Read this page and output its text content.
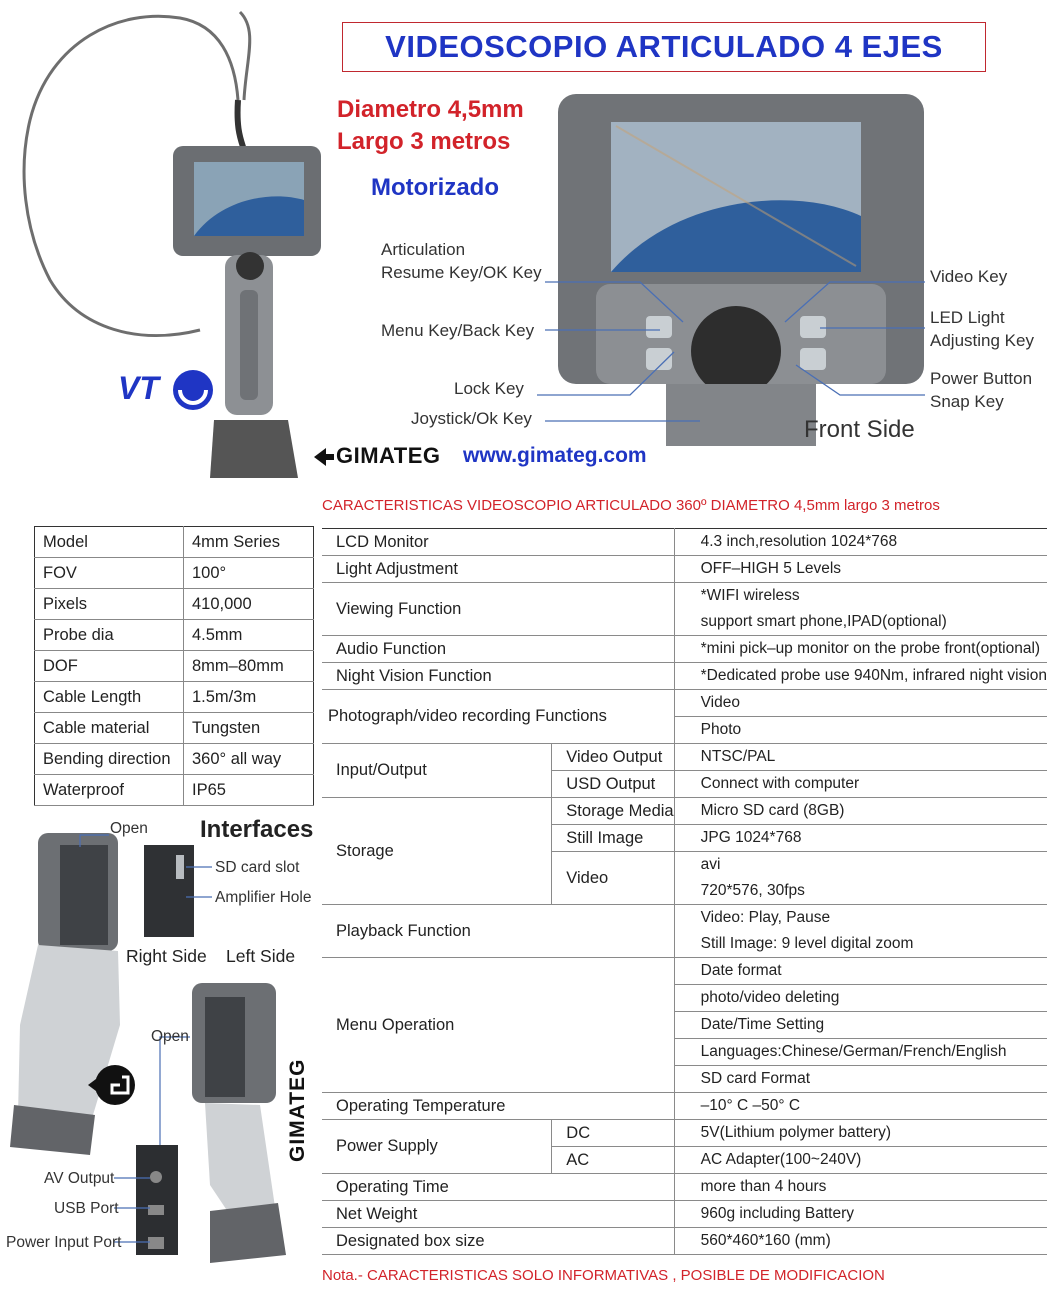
VIDEOSCOPIO ARTICULADO 4 EJES
Diametro 4,5mm
Largo 3 metros
Motorizado
VT
GIMATEG www.gimateg.com
Articulation
Resume Key/OK Key
Menu Key/Back Key
Lock Key
Joystick/Ok Key
Video Key
LED Light
Adjusting Key
Power Button
Snap Key
Front Side
CARACTERISTICAS VIDEOSCOPIO ARTICULADO 360º DIAMETRO 4,5mm largo 3 metros
Model	4mm Series
FOV	100°
Pixels	410,000
Probe dia	4.5mm
DOF	8mm–80mm
Cable Length	1.5m/3m
Cable material	Tungsten
Bending direction	360° all way
Waterproof	IP65
Open Interfaces
SD card slot
Amplifier Hole
Right Side Left Side
Open
AV Output
USB Port
Power Input Port
GIMATEG
LCD Monitor		4.3 inch,resolution 1024*768
Light Adjustment		OFF–HIGH 5 Levels
Viewing Function		*WIFI wireless
		support smart phone,IPAD(optional)
Audio Function		*mini pick–up monitor on the probe front(optional)
Night Vision Function		*Dedicated probe use 940Nm, infrared night vision
Photograph/video recording Functions		Video
		Photo
Input/Output	Video Output	NTSC/PAL
	USD Output	Connect with computer
Storage	Storage Media	Micro SD card (8GB)
	Still Image	JPG 1024*768
	Video	avi
		720*576, 30fps
Playback Function		Video: Play, Pause
		Still Image: 9 level digital zoom
Menu Operation		Date format
		photo/video deleting
		Date/Time Setting
		Languages:Chinese/German/French/English
		SD card Format
Operating Temperature		–10° C –50° C
Power Supply	DC	5V(Lithium polymer battery)
	AC	AC Adapter(100~240V)
Operating Time		more than 4 hours
Net Weight		960g including Battery
Designated box size		560*460*160 (mm)
Nota.- CARACTERISTICAS SOLO INFORMATIVAS , POSIBLE DE MODIFICACION
